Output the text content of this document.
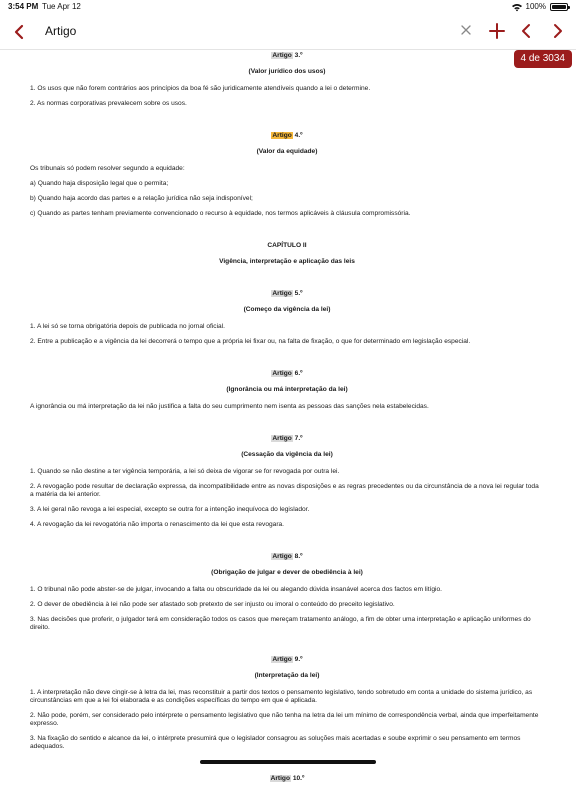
3:54 PM Tue Apr 12	100%
Artigo
4 de 3034
Artigo 3.º
(Valor jurídico dos usos)
1. Os usos que não forem contrários aos princípios da boa fé são juridicamente atendíveis quando a lei o determine.
2. As normas corporativas prevalecem sobre os usos.
Artigo 4.º
(Valor da equidade)
Os tribunais só podem resolver segundo a equidade:
a) Quando haja disposição legal que o permita;
b) Quando haja acordo das partes e a relação jurídica não seja indisponível;
c) Quando as partes tenham previamente convencionado o recurso à equidade, nos termos aplicáveis à cláusula compromissória.
CAPÍTULO II
Vigência, interpretação e aplicação das leis
Artigo 5.º
(Começo da vigência da lei)
1. A lei só se torna obrigatória depois de publicada no jornal oficial.
2. Entre a publicação e a vigência da lei decorrerá o tempo que a própria lei fixar ou, na falta de fixação, o que for determinado em legislação especial.
Artigo 6.º
(Ignorância ou má interpretação da lei)
A ignorância ou má interpretação da lei não justifica a falta do seu cumprimento nem isenta as pessoas das sanções nela estabelecidas.
Artigo 7.º
(Cessação da vigência da lei)
1. Quando se não destine a ter vigência temporária, a lei só deixa de vigorar se for revogada por outra lei.
2. A revogação pode resultar de declaração expressa, da incompatibilidade entre as novas disposições e as regras precedentes ou da circunstância de a nova lei regular toda a matéria da lei anterior.
3. A lei geral não revoga a lei especial, excepto se outra for a intenção inequívoca do legislador.
4. A revogação da lei revogatória não importa o renascimento da lei que esta revogara.
Artigo 8.º
(Obrigação de julgar e dever de obediência à lei)
1. O tribunal não pode abster-se de julgar, invocando a falta ou obscuridade da lei ou alegando dúvida insanável acerca dos factos em litígio.
2. O dever de obediência à lei não pode ser afastado sob pretexto de ser injusto ou imoral o conteúdo do preceito legislativo.
3. Nas decisões que proferir, o julgador terá em consideração todos os casos que mereçam tratamento análogo, a fim de obter uma interpretação e aplicação uniformes do direito.
Artigo 9.º
(Interpretação da lei)
1. A interpretação não deve cingir-se à letra da lei, mas reconstituir a partir dos textos o pensamento legislativo, tendo sobretudo em conta a unidade do sistema jurídico, as circunstâncias em que a lei foi elaborada e as condições específicas do tempo em que é aplicada.
2. Não pode, porém, ser considerado pelo intérprete o pensamento legislativo que não tenha na letra da lei um mínimo de correspondência verbal, ainda que imperfeitamente expresso.
3. Na fixação do sentido e alcance da lei, o intérprete presumirá que o legislador consagrou as soluções mais acertadas e soube exprimir o seu pensamento em termos adequados.
Artigo 10.º
